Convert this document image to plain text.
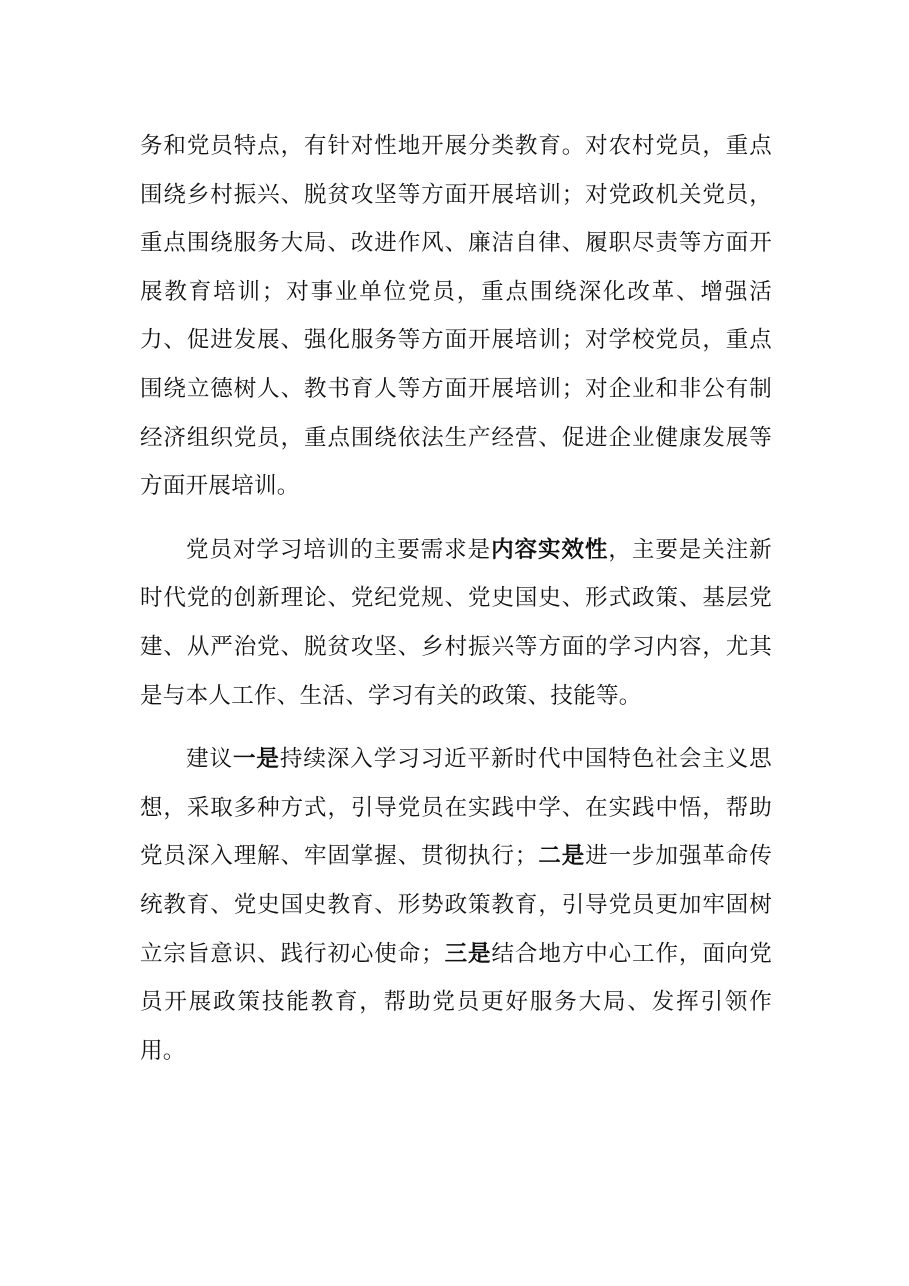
务和党员特点，有针对性地开展分类教育。对农村党员，重点围绕乡村振兴、脱贫攻坚等方面开展培训；对党政机关党员，重点围绕服务大局、改进作风、廉洁自律、履职尽责等方面开展教育培训；对事业单位党员，重点围绕深化改革、增强活力、促进发展、强化服务等方面开展培训；对学校党员，重点围绕立德树人、教书育人等方面开展培训；对企业和非公有制经济组织党员，重点围绕依法生产经营、促进企业健康发展等方面开展培训。

党员对学习培训的主要需求是内容实效性，主要是关注新时代党的创新理论、党纪党规、党史国史、形式政策、基层党建、从严治党、脱贫攻坚、乡村振兴等方面的学习内容，尤其是与本人工作、生活、学习有关的政策、技能等。

建议一是持续深入学习习近平新时代中国特色社会主义思想，采取多种方式，引导党员在实践中学、在实践中悟，帮助党员深入理解、牢固掌握、贯彻执行；二是进一步加强革命传统教育、党史国史教育、形势政策教育，引导党员更加牢固树立宗旨意识、践行初心使命；三是结合地方中心工作，面向党员开展政策技能教育，帮助党员更好服务大局、发挥引领作用。
